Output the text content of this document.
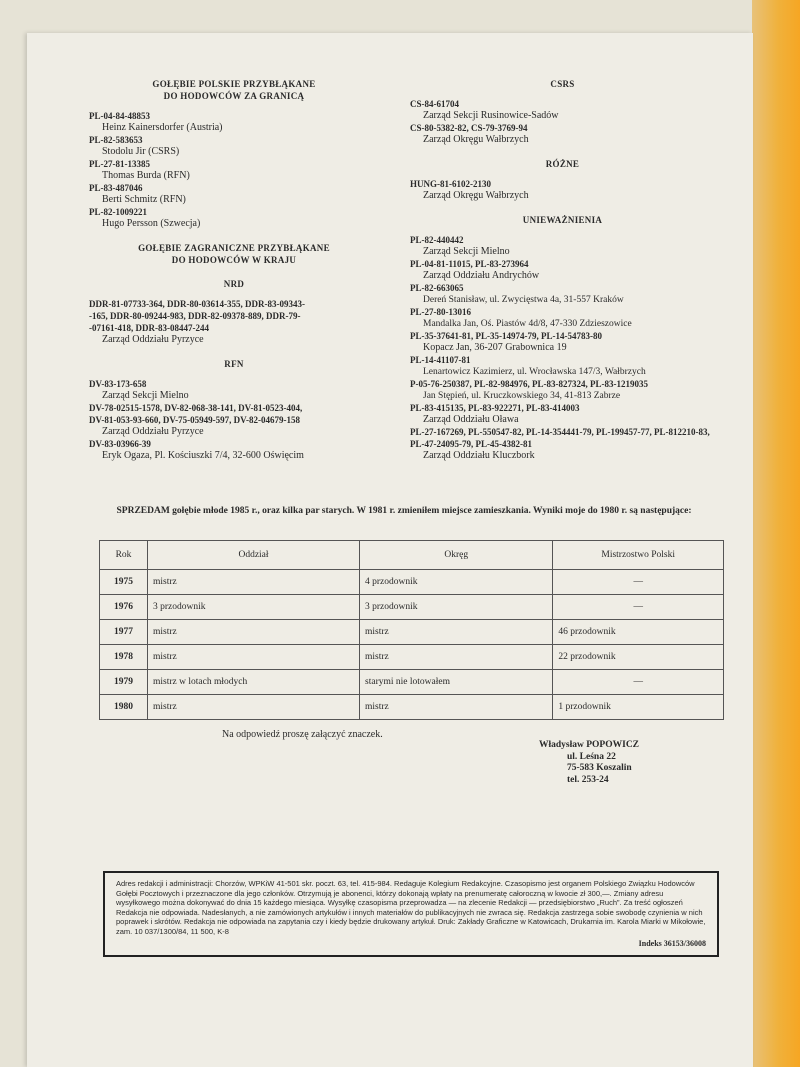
GOŁĘBIE POLSKIE PRZYBŁĄKANE
DO HODOWCÓW ZA GRANICĄ
PL-04-84-48853
Heinz Kainersdorfer (Austria)
PL-82-583653
Stodolu Jir (CSRS)
PL-27-81-13385
Thomas Burda (RFN)
PL-83-487046
Berti Schmitz (RFN)
PL-82-1009221
Hugo Persson (Szwecja)
GOŁĘBIE ZAGRANICZNE PRZYBŁĄKANE
DO HODOWCÓW W KRAJU
NRD
DDR-81-07733-364, DDR-80-03614-355, DDR-83-09343-
-165, DDR-80-09244-983, DDR-82-09378-889, DDR-79-
-07161-418, DDR-83-08447-244
Zarząd Oddziału Pyrzyce
RFN
DV-83-173-658
Zarząd Sekcji Mielno
DV-78-02515-1578, DV-82-068-38-141, DV-81-0523-404,
DV-81-053-93-660, DV-75-05949-597, DV-82-04679-158
Zarząd Oddziału Pyrzyce
DV-83-03966-39
Eryk Ogaza, Pl. Kościuszki 7/4, 32-600 Oświęcim
CSRS
CS-84-61704
Zarząd Sekcji Rusinowice-Sadów
CS-80-5382-82, CS-79-3769-94
Zarząd Okręgu Wałbrzych
RÓŻNE
HUNG-81-6102-2130
Zarząd Okręgu Wałbrzych
UNIEWAŻNIENIA
PL-82-440442
Zarząd Sekcji Mielno
PL-04-81-11015, PL-83-273964
Zarząd Oddziału Andrychów
PL-82-663065
Dereń Stanisław, ul. Zwycięstwa 4a, 31-557 Kraków
PL-27-80-13016
Mandalka Jan, Oś. Piastów 4d/8, 47-330 Zdzieszowice
PL-35-37641-81, PL-35-14974-79, PL-14-54783-80
Kopacz Jan, 36-207 Grabownica 19
PL-14-41107-81
Lenartowicz Kazimierz, ul. Wrocławska 147/3, Wałbrzych
P-05-76-250387, PL-82-984976, PL-83-827324, PL-83-1219035
Jan Stępień, ul. Kruczkowskiego 34, 41-813 Zabrze
PL-83-415135, PL-83-922271, PL-83-414003
Zarząd Oddziału Oława
PL-27-167269, PL-550547-82, PL-14-354441-79, PL-199457-77, PL-812210-83, PL-47-24095-79, PL-45-4382-81
Zarząd Oddziału Kluczbork
SPRZEDAM gołębie młode 1985 r., oraz kilka par starych. W 1981 r. zmieniłem miejsce zamieszkania. Wyniki moje do 1980 r. są następujące:
Rok	Oddział	Okręg	Mistrzostwo Polski
1975	mistrz	4 przodownik	—
1976	3 przodownik	3 przodownik	—
1977	mistrz	mistrz	46 przodownik
1978	mistrz	mistrz	22 przodownik
1979	mistrz w lotach młodych	starymi nie lotowałem	—
1980	mistrz	mistrz	1 przodownik
Na odpowiedź proszę załączyć znaczek.
Władysław POPOWICZ
ul. Leśna 22
75-583 Koszalin
tel. 253-24
Adres redakcji i administracji: Chorzów, WPKiW 41-501 skr. poczt. 63, tel. 415-984. Redaguje Kolegium Redakcyjne. Czasopismo jest organem Polskiego Związku Hodowców Gołębi Pocztowych i przeznaczone dla jego członków. Otrzymują je abonenci, którzy dokonają wpłaty na prenumeratę całoroczną w kwocie zł 300,—. Zmiany adresu wysyłkowego można dokonywać do dnia 15 każdego miesiąca. Wysyłkę czasopisma przeprowadza — na zlecenie Redakcji — przedsiębiorstwo „Ruch”. Za treść ogłoszeń Redakcja nie odpowiada. Nadesłanych, a nie zamówionych artykułów i innych materiałów do publikacyjnych nie zwraca się. Redakcja zastrzega sobie swobodę czynienia w nich poprawek i skrótów. Redakcja nie odpowiada na zapytania czy i kiedy będzie drukowany artykuł. Druk: Zakłady Graficzne w Katowicach, Drukarnia im. Karola Miarki w Mikołowie, zam. 10 037/1300/84, 11 500, K-8
Indeks 36153/36008
